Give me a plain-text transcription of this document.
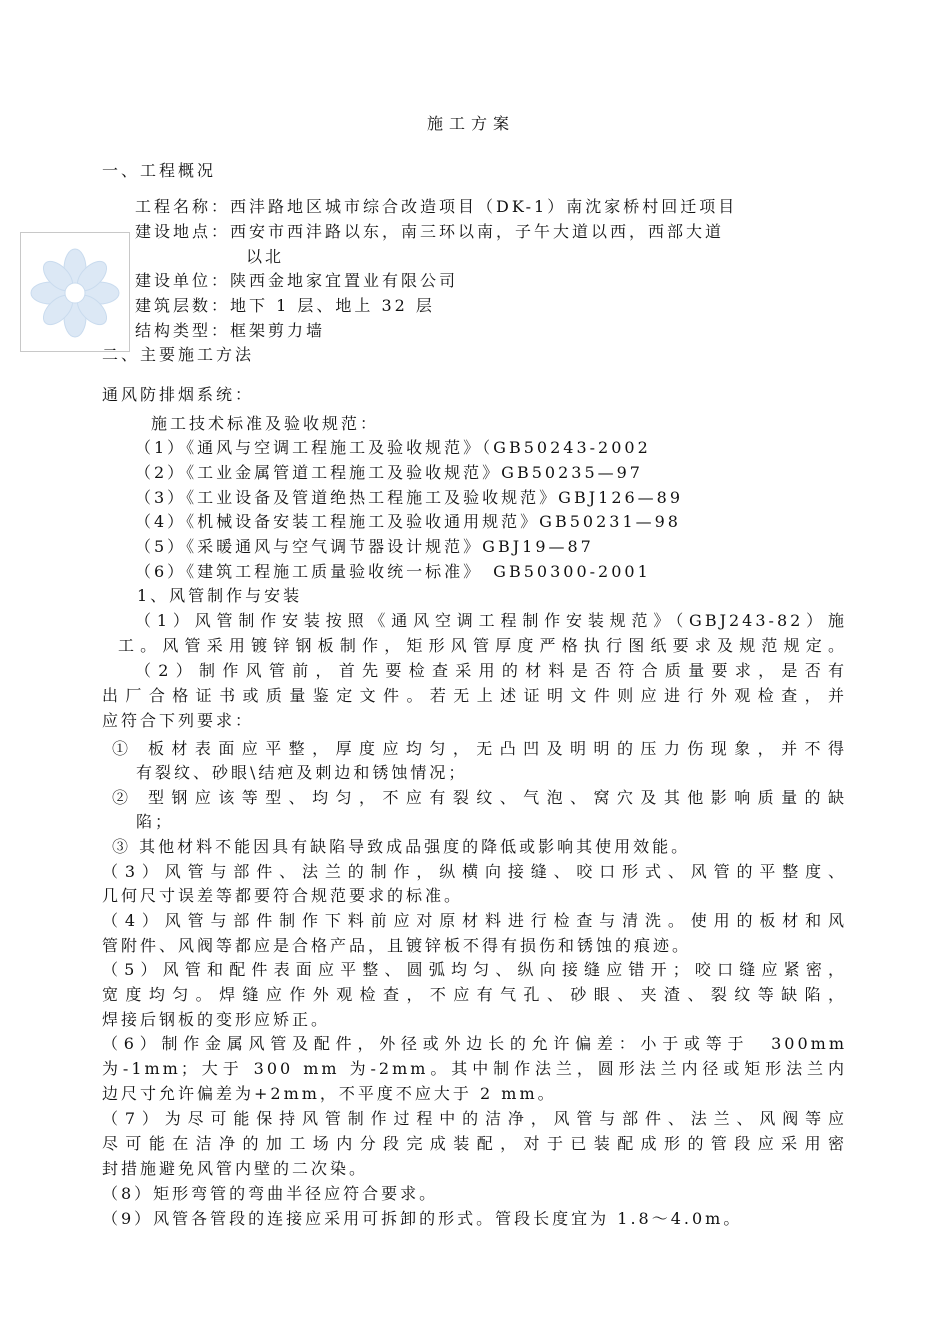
施工方案
一、工程概况
工程名称：西沣路地区城市综合改造项目（DK-1）南沈家桥村回迁项目
建设地点：西安市西沣路以东，南三环以南，子午大道以西，西部大道
以北
建设单位：陕西金地家宜置业有限公司
建筑层数：地下 1 层、地上 32 层
结构类型：框架剪力墙
二、主要施工方法
通风防排烟系统：
施工技术标准及验收规范：
（1）《通风与空调工程施工及验收规范》（GB50243-2002
（2）《工业金属管道工程施工及验收规范》GB50235—97
（3）《工业设备及管道绝热工程施工及验收规范》GBJ126—89
（4）《机械设备安装工程施工及验收通用规范》GB50231—98
（5）《采暖通风与空气调节器设计规范》GBJ19—87
（6）《建筑工程施工质量验收统一标准》　GB50300-2001
1、风管制作与安装
（1）风管制作安装按照《通风空调工程制作安装规范》（GBJ243-82）施
工。风管采用镀锌钢板制作，矩形风管厚度严格执行图纸要求及规范规定。
（2）制作风管前，首先要检查采用的材料是否符合质量要求，是否有
出厂合格证书或质量鉴定文件。若无上述证明文件则应进行外观检查，并
应符合下列要求：
① 板材表面应平整，厚度应均匀，无凸凹及明明的压力伤现象，并不得
有裂纹、砂眼\结疤及刺边和锈蚀情况；
② 型钢应该等型、均匀，不应有裂纹、气泡、窝穴及其他影响质量的缺
陷；
③ 其他材料不能因具有缺陷导致成品强度的降低或影响其使用效能。
（3）风管与部件、法兰的制作，纵横向接缝、咬口形式、风管的平整度、
几何尺寸误差等都要符合规范要求的标准。
（4）风管与部件制作下料前应对原材料进行检查与清洗。使用的板材和风
管附件、风阀等都应是合格产品，且镀锌板不得有损伤和锈蚀的痕迹。
（5）风管和配件表面应平整、圆弧均匀、纵向接缝应错开；咬口缝应紧密，
宽度均匀。焊缝应作外观检查，不应有气孔、砂眼、夹渣、裂纹等缺陷，
焊接后钢板的变形应矫正。
（6）制作金属风管及配件，外径或外边长的允许偏差：小于或等于　300mm
为-1mm；大于 300 mm 为-2mm。其中制作法兰，圆形法兰内径或矩形法兰内
边尺寸允许偏差为+2mm，不平度不应大于 2 mm。
（7）为尽可能保持风管制作过程中的洁净，风管与部件、法兰、风阀等应
尽可能在洁净的加工场内分段完成装配，对于已装配成形的管段应采用密
封措施避免风管内壁的二次染。
（8）矩形弯管的弯曲半径应符合要求。
（9）风管各管段的连接应采用可拆卸的形式。管段长度宜为 1.8～4.0m。
